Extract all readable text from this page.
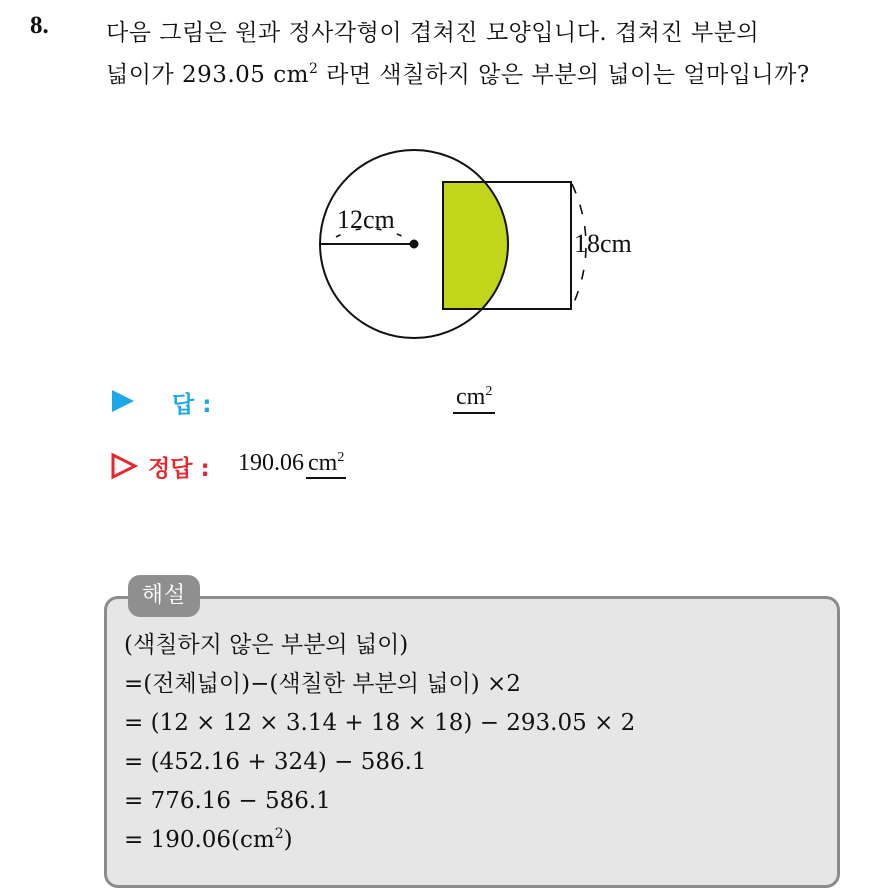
8. 다음 그림은 원과 정사각형이 겹쳐진 모양입니다. 겹쳐진 부분의
넓이가 293.05 $cm^2$ 라면 색칠하지 않은 부분의 넓이는 얼마입니까?
12cm
18cm
답 :	$cm^2$
정답 : 190.06 $cm^2$
해설
(색칠하지 않은 부분의 넓이)
=(전체넓이)−(색칠한 부분의 넓이) ×2
= (12 × 12 × 3.14 + 18 × 18) − 293.05 × 2
= (452.16 + 324) − 586.1
= 776.16 − 586.1
= $190.06(cm^2)$
